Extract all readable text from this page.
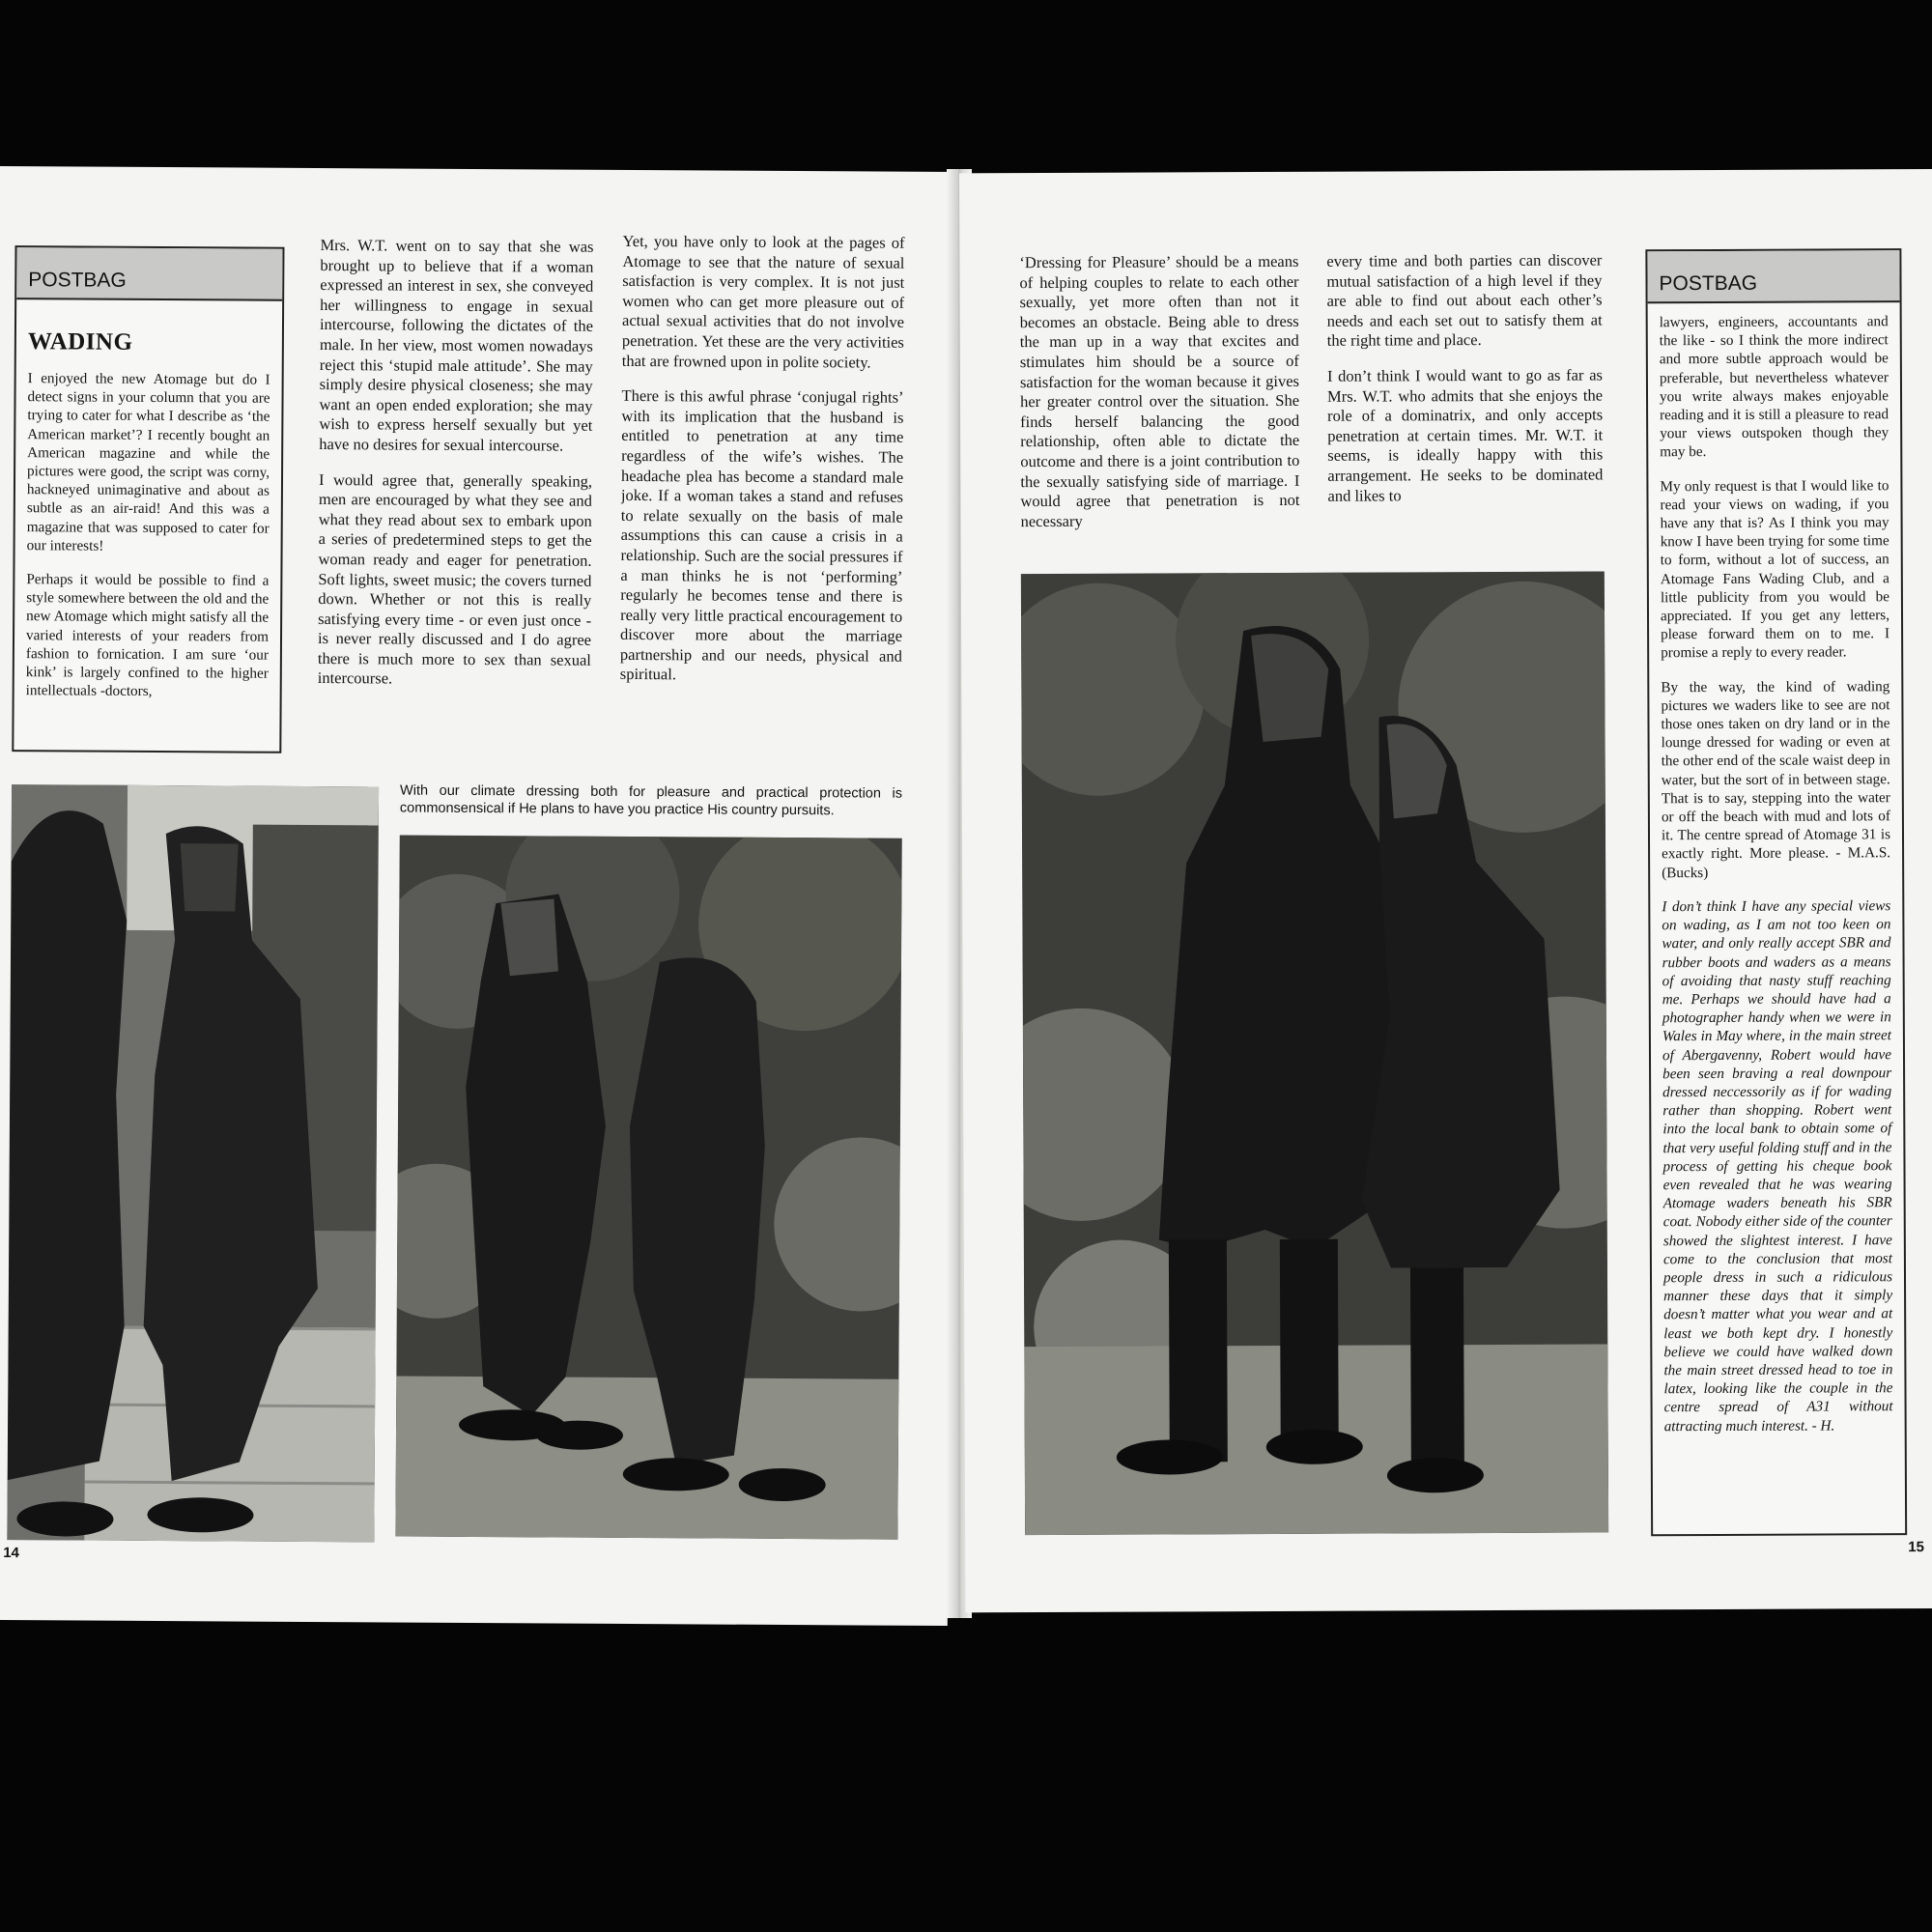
POSTBAG
WADING

I enjoyed the new Atomage but do I detect signs in your column that you are trying to cater for what I describe as ‘the American market’? I recently bought an American magazine and while the pictures were good, the script was corny, hackneyed unimaginative and about as subtle as an air-raid! And this was a magazine that was supposed to cater for our interests!

Perhaps it would be possible to find a style somewhere between the old and the new Atomage which might satisfy all the varied interests of your readers from fashion to fornication. I am sure ‘our kink’ is largely confined to the higher intellectuals -doctors,

Mrs. W.T. went on to say that she was brought up to believe that if a woman expressed an interest in sex, she conveyed her willingness to engage in sexual intercourse, following the dictates of the male. In her view, most women nowadays reject this ‘stupid male attitude’. She may simply desire physical closeness; she may want an open ended exploration; she may wish to express herself sexually but yet have no desires for sexual intercourse.

I would agree that, generally speaking, men are encouraged by what they see and what they read about sex to embark upon a series of predetermined steps to get the woman ready and eager for penetration. Soft lights, sweet music; the covers turned down. Whether or not this is really satisfying every time - or even just once - is never really discussed and I do agree there is much more to sex than sexual intercourse.

Yet, you have only to look at the pages of Atomage to see that the nature of sexual satisfaction is very complex. It is not just women who can get more pleasure out of actual sexual activities that do not involve penetration. Yet these are the very activities that are frowned upon in polite society.

There is this awful phrase ‘conjugal rights’ with its implication that the husband is entitled to penetration at any time regardless of the wife’s wishes. The headache plea has become a standard male joke. If a woman takes a stand and refuses to relate sexually on the basis of male assumptions this can cause a crisis in a relationship. Such are the social pressures if a man thinks he is not ‘performing’ regularly he becomes tense and there is really very little practical encouragement to discover more about the marriage partnership and our needs, physical and spiritual.

With our climate dressing both for pleasure and practical protection is commonsensical if He plans to have you practice His country pursuits.
14

‘Dressing for Pleasure’ should be a means of helping couples to relate to each other sexually, yet more often than not it becomes an obstacle. Being able to dress the man up in a way that excites and stimulates him should be a source of satisfaction for the woman because it gives her greater control over the situation. She finds herself balancing the good relationship, often able to dictate the outcome and there is a joint contribution to the sexually satisfying side of marriage. I would agree that penetration is not necessary

every time and both parties can discover mutual satisfaction of a high level if they are able to find out about each other’s needs and each set out to satisfy them at the right time and place.

I don’t think I would want to go as far as Mrs. W.T. who admits that she enjoys the role of a dominatrix, and only accepts penetration at certain times. Mr. W.T. it seems, is ideally happy with this arrangement. He seeks to be dominated and likes to

POSTBAG

lawyers, engineers, accountants and the like - so I think the more indirect and more subtle approach would be preferable, but nevertheless whatever you write always makes enjoyable reading and it is still a pleasure to read your views outspoken though they may be.

My only request is that I would like to read your views on wading, if you have any that is? As I think you may know I have been trying for some time to form, without a lot of success, an Atomage Fans Wading Club, and a little publicity from you would be appreciated. If you get any letters, please forward them on to me. I promise a reply to every reader.

By the way, the kind of wading pictures we waders like to see are not those ones taken on dry land or in the lounge dressed for wading or even at the other end of the scale waist deep in water, but the sort of in between stage. That is to say, stepping into the water or off the beach with mud and lots of it. The centre spread of Atomage 31 is exactly right. More please. - M.A.S. (Bucks)

I don’t think I have any special views on wading, as I am not too keen on water, and only really accept SBR and rubber boots and waders as a means of avoiding that nasty stuff reaching me. Perhaps we should have had a photographer handy when we were in Wales in May where, in the main street of Abergavenny, Robert would have been seen braving a real downpour dressed neccessorily as if for wading rather than shopping. Robert went into the local bank to obtain some of that very useful folding stuff and in the process of getting his cheque book even revealed that he was wearing Atomage waders beneath his SBR coat. Nobody either side of the counter showed the slightest interest. I have come to the conclusion that most people dress in such a ridiculous manner these days that it simply doesn’t matter what you wear and at least we both kept dry. I honestly believe we could have walked down the main street dressed head to toe in latex, looking like the couple in the centre spread of A31 without attracting much interest. - H.

15
